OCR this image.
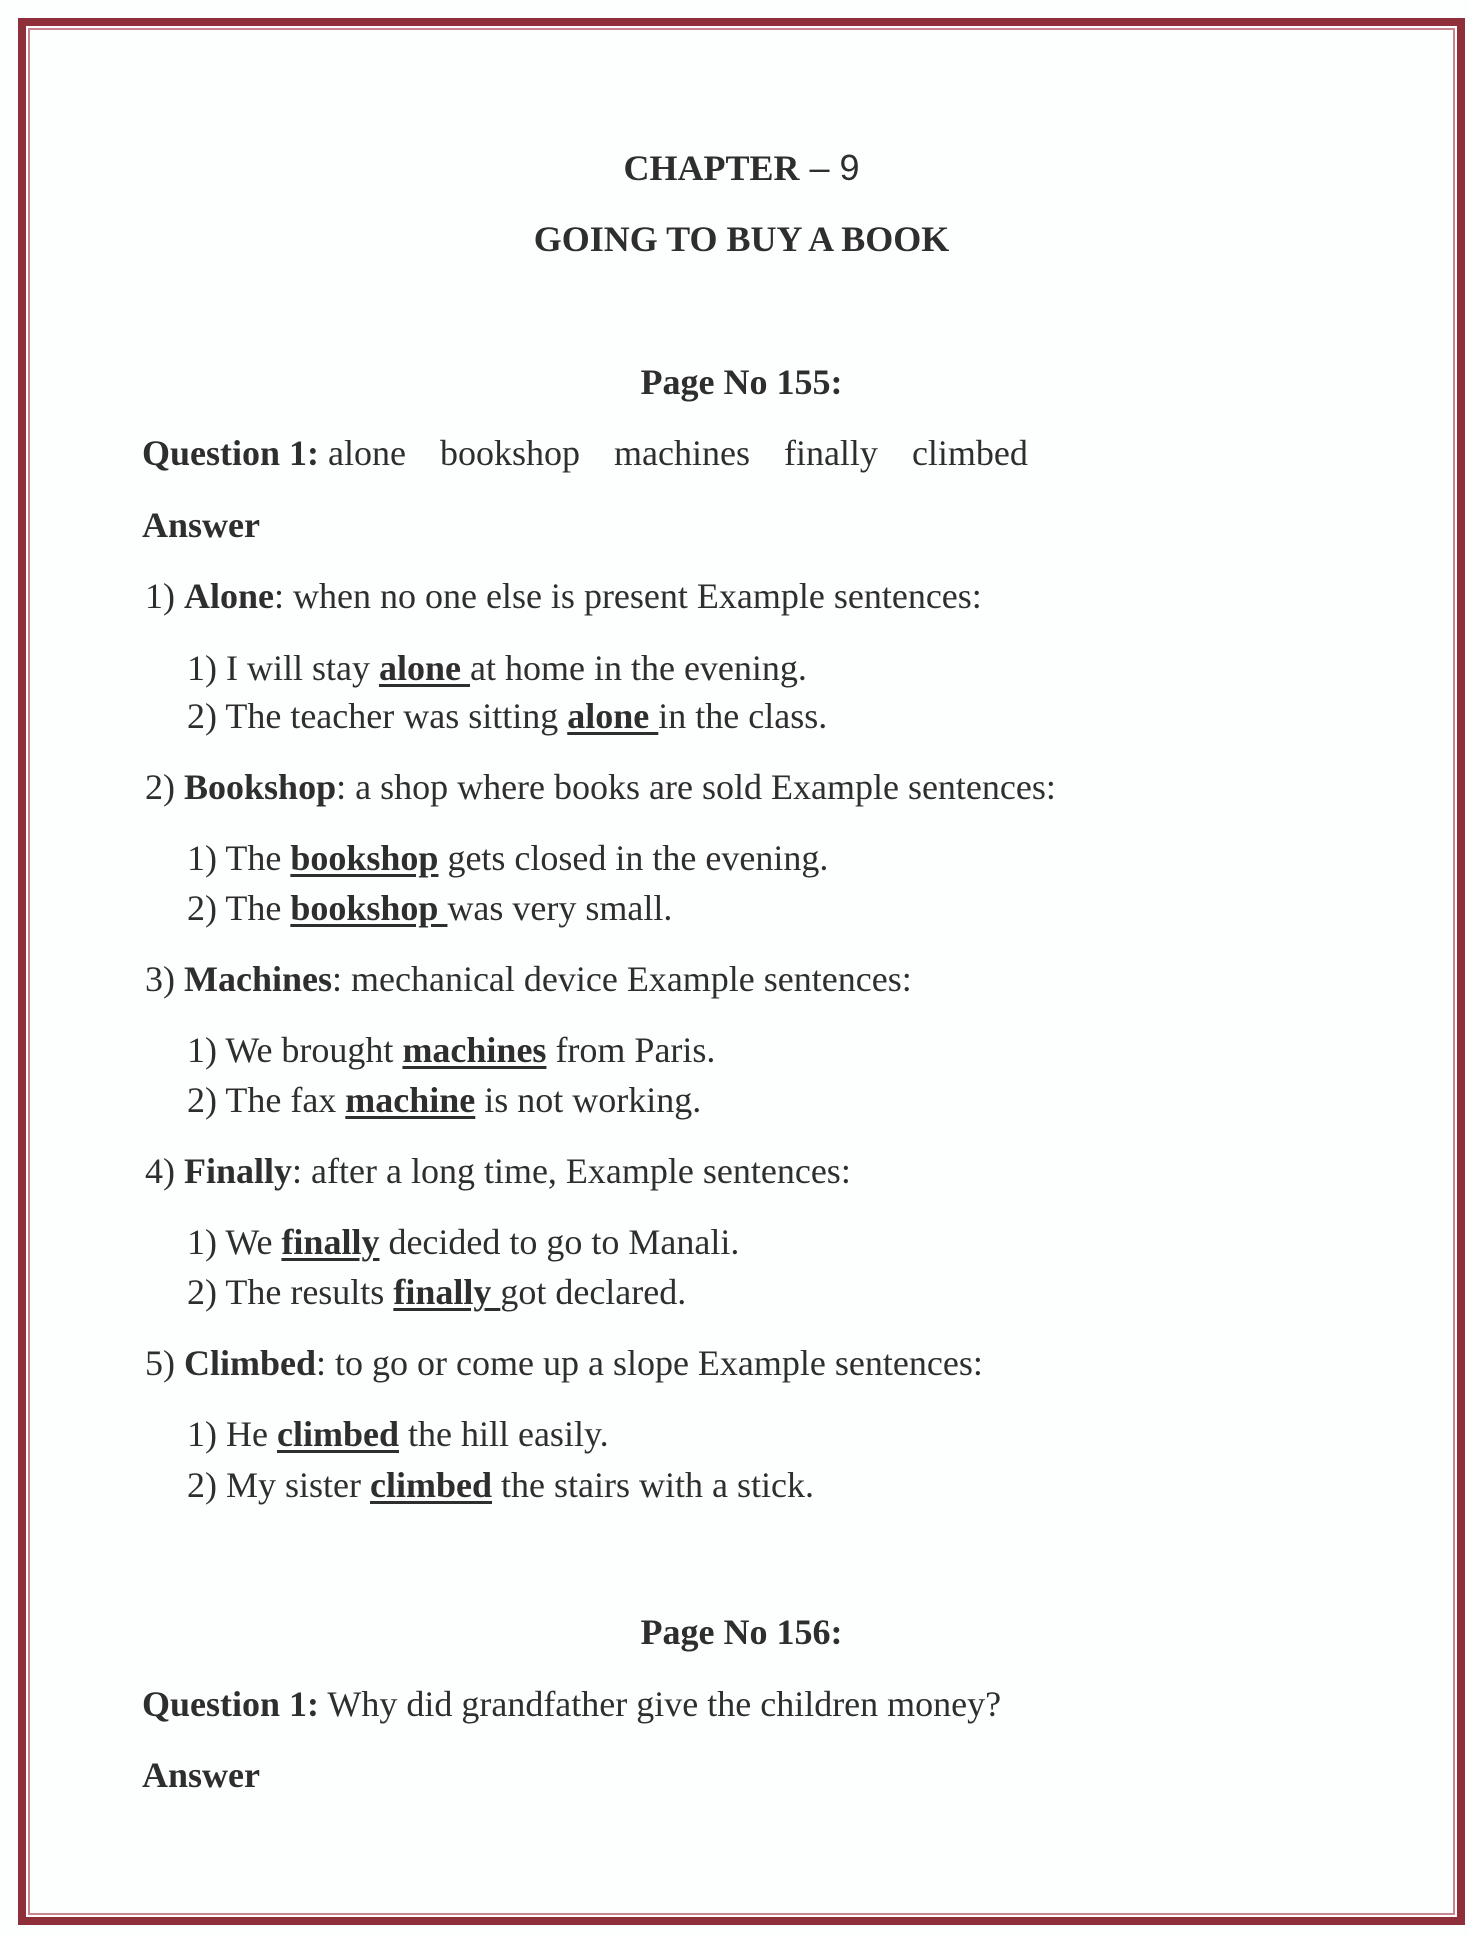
CHAPTER – 9
GOING TO BUY A BOOK
Page No 155:
Question 1: alone bookshop machines finally climbed
Answer
1) Alone: when no one else is present Example sentences:
1) I will stay alone at home in the evening.
2) The teacher was sitting alone in the class.
2) Bookshop: a shop where books are sold Example sentences:
1) The bookshop gets closed in the evening.
2) The bookshop was very small.
3) Machines: mechanical device Example sentences:
1) We brought machines from Paris.
2) The fax machine is not working.
4) Finally: after a long time, Example sentences:
1) We finally decided to go to Manali.
2) The results finally got declared.
5) Climbed: to go or come up a slope Example sentences:
1) He climbed the hill easily.
2) My sister climbed the stairs with a stick.
Page No 156:
Question 1: Why did grandfather give the children money?
Answer
